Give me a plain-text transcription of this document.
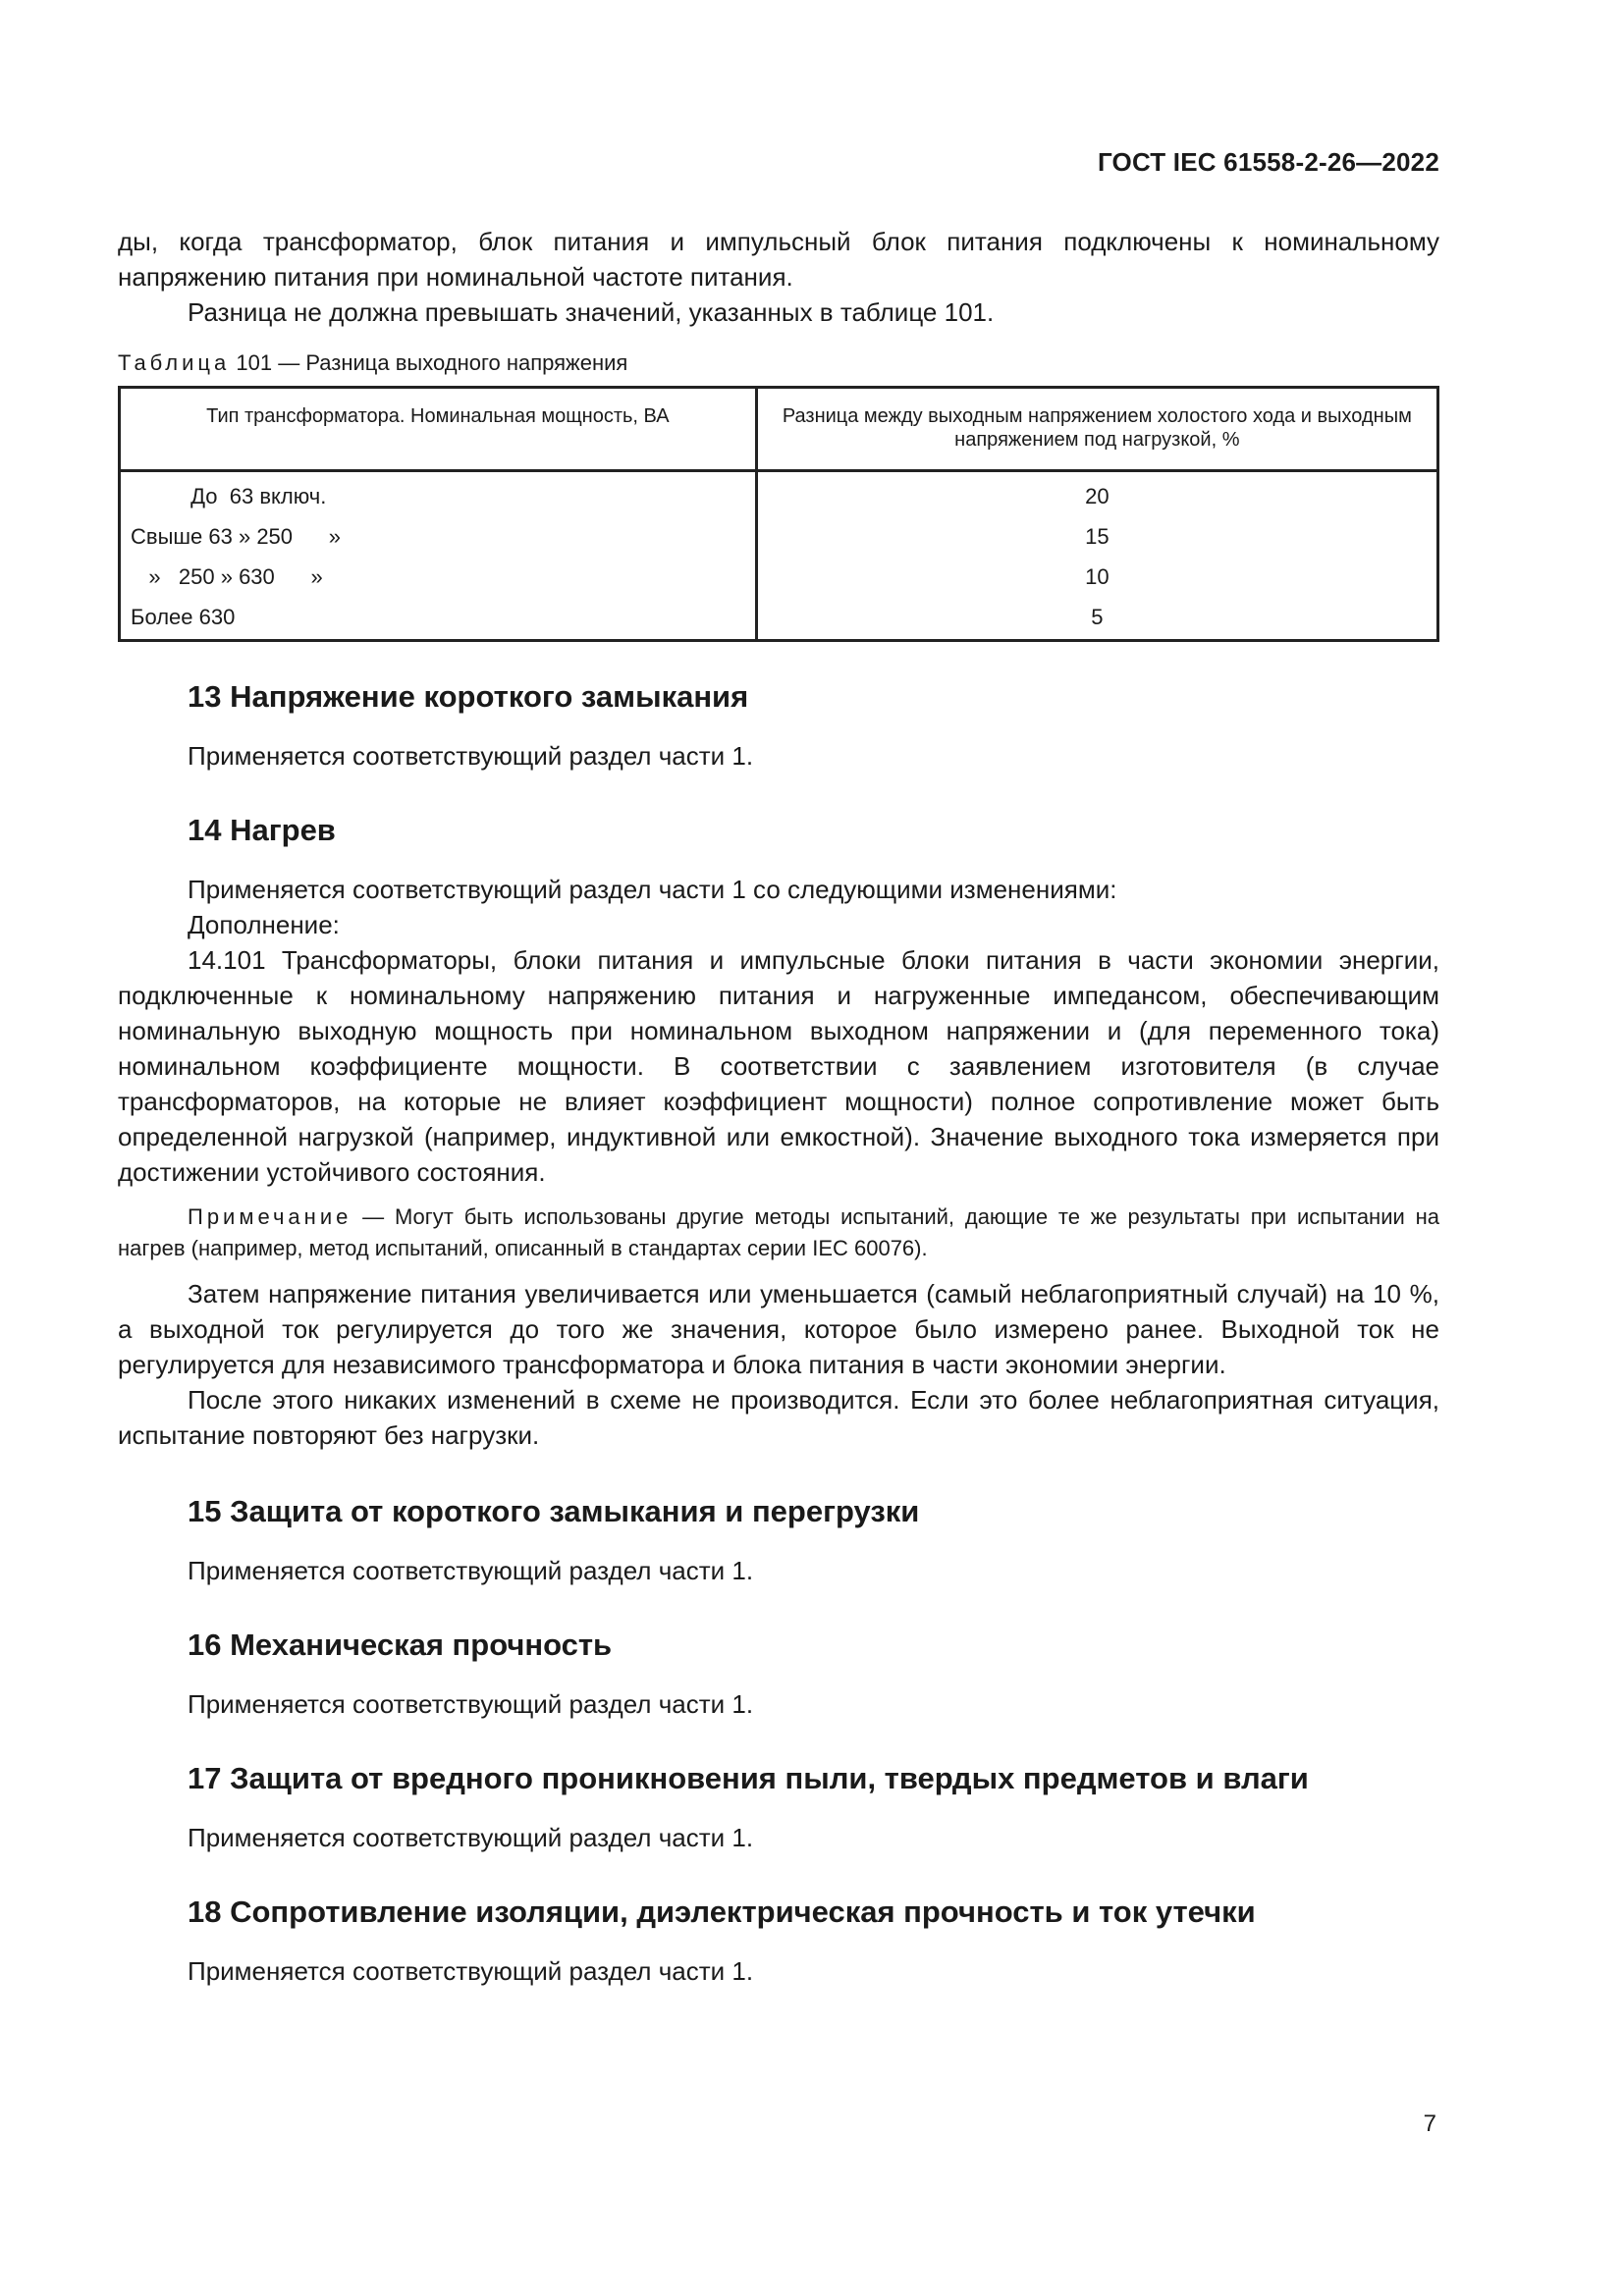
ГОСТ IEC 61558-2-26—2022

ды, когда трансформатор, блок питания и импульсный блок питания подключены к номинальному напряжению питания при номинальной частоте питания.

Разница не должна превышать значений, указанных в таблице 101.

Таблица 101 — Разница выходного напряжения
Тип трансформатора. Номинальная мощность, ВА	Разница между выходным напряжением холостого хода и выходным напряжением под нагрузкой, %
До  63 включ.	20
Свыше 63 » 250      »	15
»   250 » 630      »	10
Более 630	5
13 Напряжение короткого замыкания

Применяется соответствующий раздел части 1.

14 Нагрев

Применяется соответствующий раздел части 1 со следующими изменениями:

Дополнение:

14.101 Трансформаторы, блоки питания и импульсные блоки питания в части экономии энергии, подключенные к номинальному напряжению питания и нагруженные импедансом, обеспечивающим номинальную выходную мощность при номинальном выходном напряжении и (для переменного тока) номинальном коэффициенте мощности. В соответствии с заявлением изготовителя (в случае трансформаторов, на которые не влияет коэффициент мощности) полное сопротивление может быть определенной нагрузкой (например, индуктивной или емкостной). Значение выходного тока измеряется при достижении устойчивого состояния.

Примечание — Могут быть использованы другие методы испытаний, дающие те же результаты при испытании на нагрев (например, метод испытаний, описанный в стандартах серии IEC 60076).

Затем напряжение питания увеличивается или уменьшается (самый неблагоприятный случай) на 10 %, а выходной ток регулируется до того же значения, которое было измерено ранее. Выходной ток не регулируется для независимого трансформатора и блока питания в части экономии энергии.

После этого никаких изменений в схеме не производится. Если это более неблагоприятная ситуация, испытание повторяют без нагрузки.

15 Защита от короткого замыкания и перегрузки

Применяется соответствующий раздел части 1.

16 Механическая прочность

Применяется соответствующий раздел части 1.

17 Защита от вредного проникновения пыли, твердых предметов и влаги

Применяется соответствующий раздел части 1.

18 Сопротивление изоляции, диэлектрическая прочность и ток утечки

Применяется соответствующий раздел части 1.

7
